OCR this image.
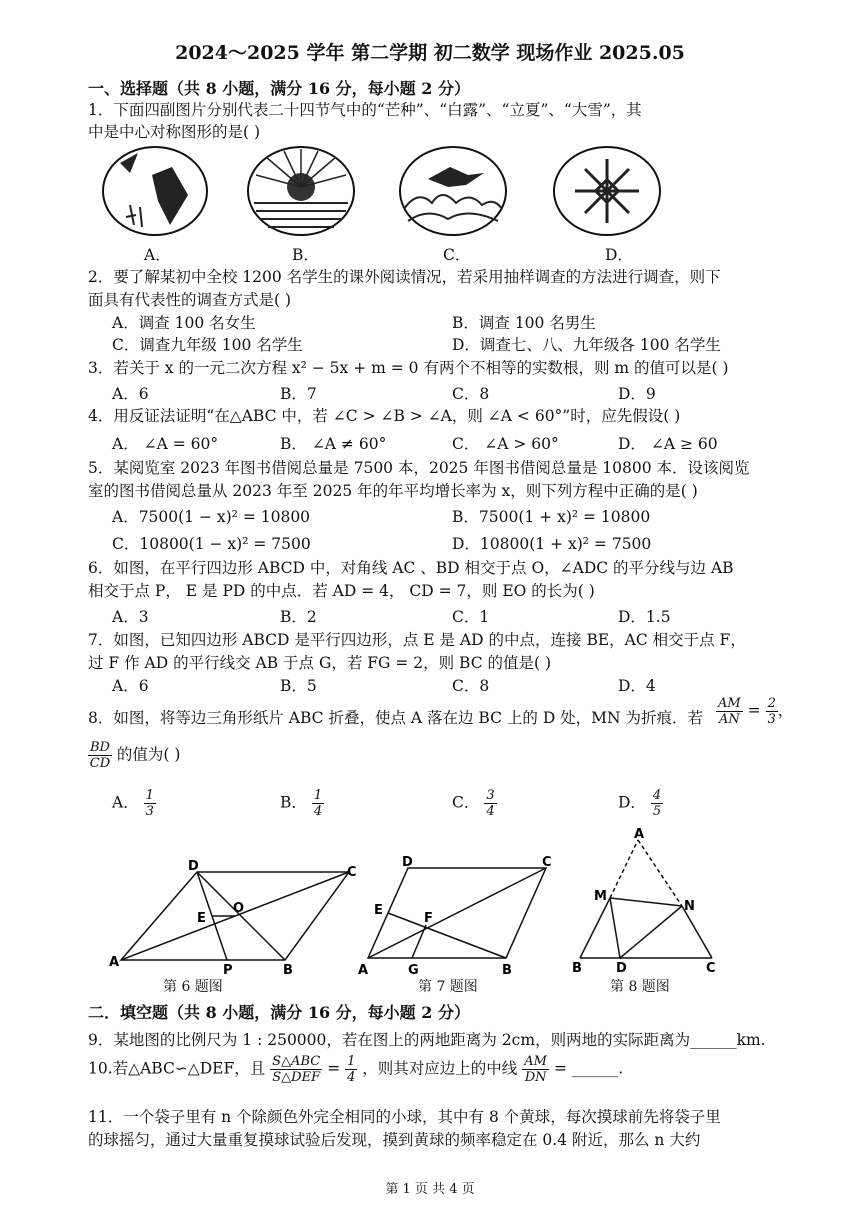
2024～2025 学年 第二学期 初二数学 现场作业 2025.05
一、选择题（共 8 小题，满分 16 分，每小题 2 分）
1．下面四副图片分别代表二十四节气中的“芒种”、“白露”、“立夏”、“大雪”，其
中是中心对称图形的是( )
A．	B．	C．	D．
2．要了解某初中全校 1200 名学生的课外阅读情况，若采用抽样调查的方法进行调查，则下
面具有代表性的调查方式是( )
A．调查 100 名女生	B．调查 100 名男生
C．调查九年级 100 名学生	D．调查七、八、九年级各 100 名学生
3．若关于 x 的一元二次方程 x² − 5x + m = 0 有两个不相等的实数根，则 m 的值可以是( )
A．6	B．7	C．8	D．9
4．用反证法证明“在△ABC 中，若 ∠C > ∠B > ∠A，则 ∠A < 60°”时，应先假设( )
A． ∠A = 60°	B． ∠A ≠ 60°	C． ∠A > 60°	D． ∠A ≥ 60
5．某阅览室 2023 年图书借阅总量是 7500 本，2025 年图书借阅总量是 10800 本．设该阅览
室的图书借阅总量从 2023 年至 2025 年的年平均增长率为 x，则下列方程中正确的是( )
A．7500(1 − x)² = 10800	B．7500(1 + x)² = 10800
C．10800(1 − x)² = 7500	D．10800(1 + x)² = 7500
6．如图，在平行四边形 ABCD 中，对角线 AC 、BD 相交于点 O，∠ADC 的平分线与边 AB
相交于点 P， E 是 PD 的中点．若 AD = 4， CD = 7，则 EO 的长为( )
A．3	B．2	C．1	D．1.5
7．如图，已知四边形 ABCD 是平行四边形，点 E 是 AD 的中点，连接 BE，AC 相交于点 F，
过 F 作 AD 的平行线交 AB 于点 G，若 FG = 2，则 BC 的值是( )
A．6	B．5	C．8	D．4
8．如图，将等边三角形纸片 ABC 折叠，使点 A 落在边 BC 上的 D 处，MN 为折痕．若 $\frac{AM}{AN} = \frac{2}{3}$ ，
$\frac{BD}{CD}$ 的值为( )
A． $\frac{1}{3}$	B． $\frac{1}{4}$	C． $\frac{3}{4}$	D． $\frac{4}{5}$
A
D	C
B
P
E
O
第 6 题图
A
D	C
B
G
E
F
第 7 题图
A
M
N
B	D	C
第 8 题图
二．填空题（共 8 小题，满分 16 分，每小题 2 分）
9．某地图的比例尺为 1 : 250000，若在图上的两地距离为 2cm，则两地的实际距离为______km.
10.若△ABC∽△DEF，且 $\frac{\text{S△ABC}}{\text{S△DEF}} = \frac{1}{4}$ ，则其对应边上的中线 $\frac{AM}{DN}$ = ______.
11．一个袋子里有 n 个除颜色外完全相同的小球，其中有 8 个黄球，每次摸球前先将袋子里
的球摇匀，通过大量重复摸球试验后发现，摸到黄球的频率稳定在 0.4 附近，那么 n 大约
第 1 页 共 4 页
